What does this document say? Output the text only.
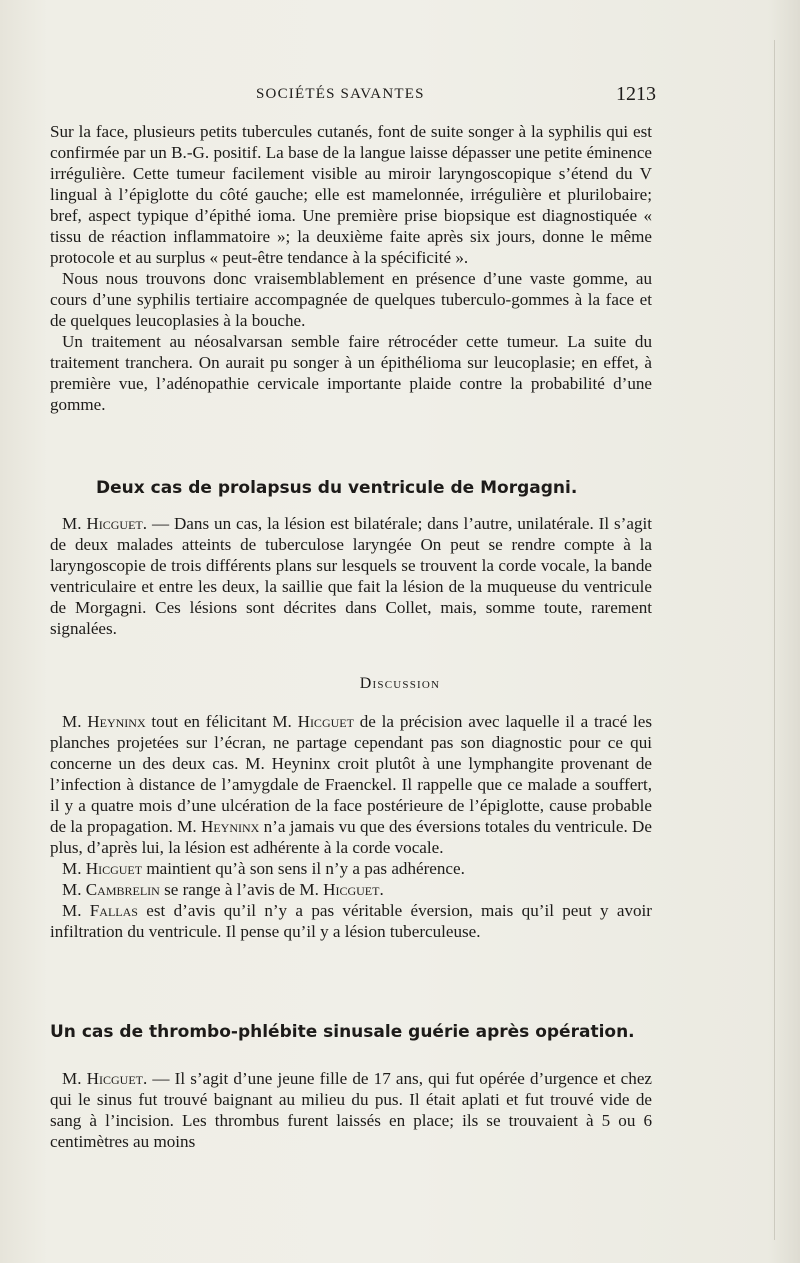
SOCIÉTÉS SAVANTES	1213

Sur la face, plusieurs petits tubercules cutanés, font de suite songer à la syphilis qui est confirmée par un B.-G. positif. La base de la langue laisse dépasser une petite éminence irrégulière. Cette tumeur facilement visible au miroir laryngoscopique s’étend du V lingual à l’épiglotte du côté gauche; elle est mamelonnée, irrégulière et plurilobaire; bref, aspect typique d’épithé ioma. Une première prise biopsique est diagnostiquée « tissu de réaction inflammatoire »; la deuxième faite après six jours, donne le même protocole et au surplus « peut-être tendance à la spécificité ».

Nous nous trouvons donc vraisemblablement en présence d’une vaste gomme, au cours d’une syphilis tertiaire accompagnée de quelques tuberculo-gommes à la face et de quelques leucoplasies à la bouche.

Un traitement au néosalvarsan semble faire rétrocéder cette tumeur. La suite du traitement tranchera. On aurait pu songer à un épithélioma sur leucoplasie; en effet, à première vue, l’adénopathie cervicale importante plaide contre la probabilité d’une gomme.

Deux cas de prolapsus du ventricule de Morgagni.

M. Hicguet. — Dans un cas, la lésion est bilatérale; dans l’autre, unilatérale. Il s’agit de deux malades atteints de tuberculose laryngée On peut se rendre compte à la laryngoscopie de trois différents plans sur lesquels se trouvent la corde vocale, la bande ventriculaire et entre les deux, la saillie que fait la lésion de la muqueuse du ventricule de Morgagni. Ces lésions sont décrites dans Collet, mais, somme toute, rarement signalées.

Discussion

M. Heyninx tout en félicitant M. Hicguet de la précision avec laquelle il a tracé les planches projetées sur l’écran, ne partage cependant pas son diagnostic pour ce qui concerne un des deux cas. M. Heyninx croit plutôt à une lymphangite provenant de l’infection à distance de l’amygdale de Fraenckel. Il rappelle que ce malade a souffert, il y a quatre mois d’une ulcération de la face postérieure de l’épiglotte, cause probable de la propagation. M. Heyninx n’a jamais vu que des éversions totales du ventricule. De plus, d’après lui, la lésion est adhérente à la corde vocale.

M. Hicguet maintient qu’à son sens il n’y a pas adhérence.

M. Cambrelin se range à l’avis de M. Hicguet.

M. Fallas est d’avis qu’il n’y a pas véritable éversion, mais qu’il peut y avoir infiltration du ventricule. Il pense qu’il y a lésion tuberculeuse.

Un cas de thrombo-phlébite sinusale guérie après opération.

M. Hicguet. — Il s’agit d’une jeune fille de 17 ans, qui fut opérée d’urgence et chez qui le sinus fut trouvé baignant au milieu du pus. Il était aplati et fut trouvé vide de sang à l’incision. Les thrombus furent laissés en place; ils se trouvaient à 5 ou 6 centimètres au moins
